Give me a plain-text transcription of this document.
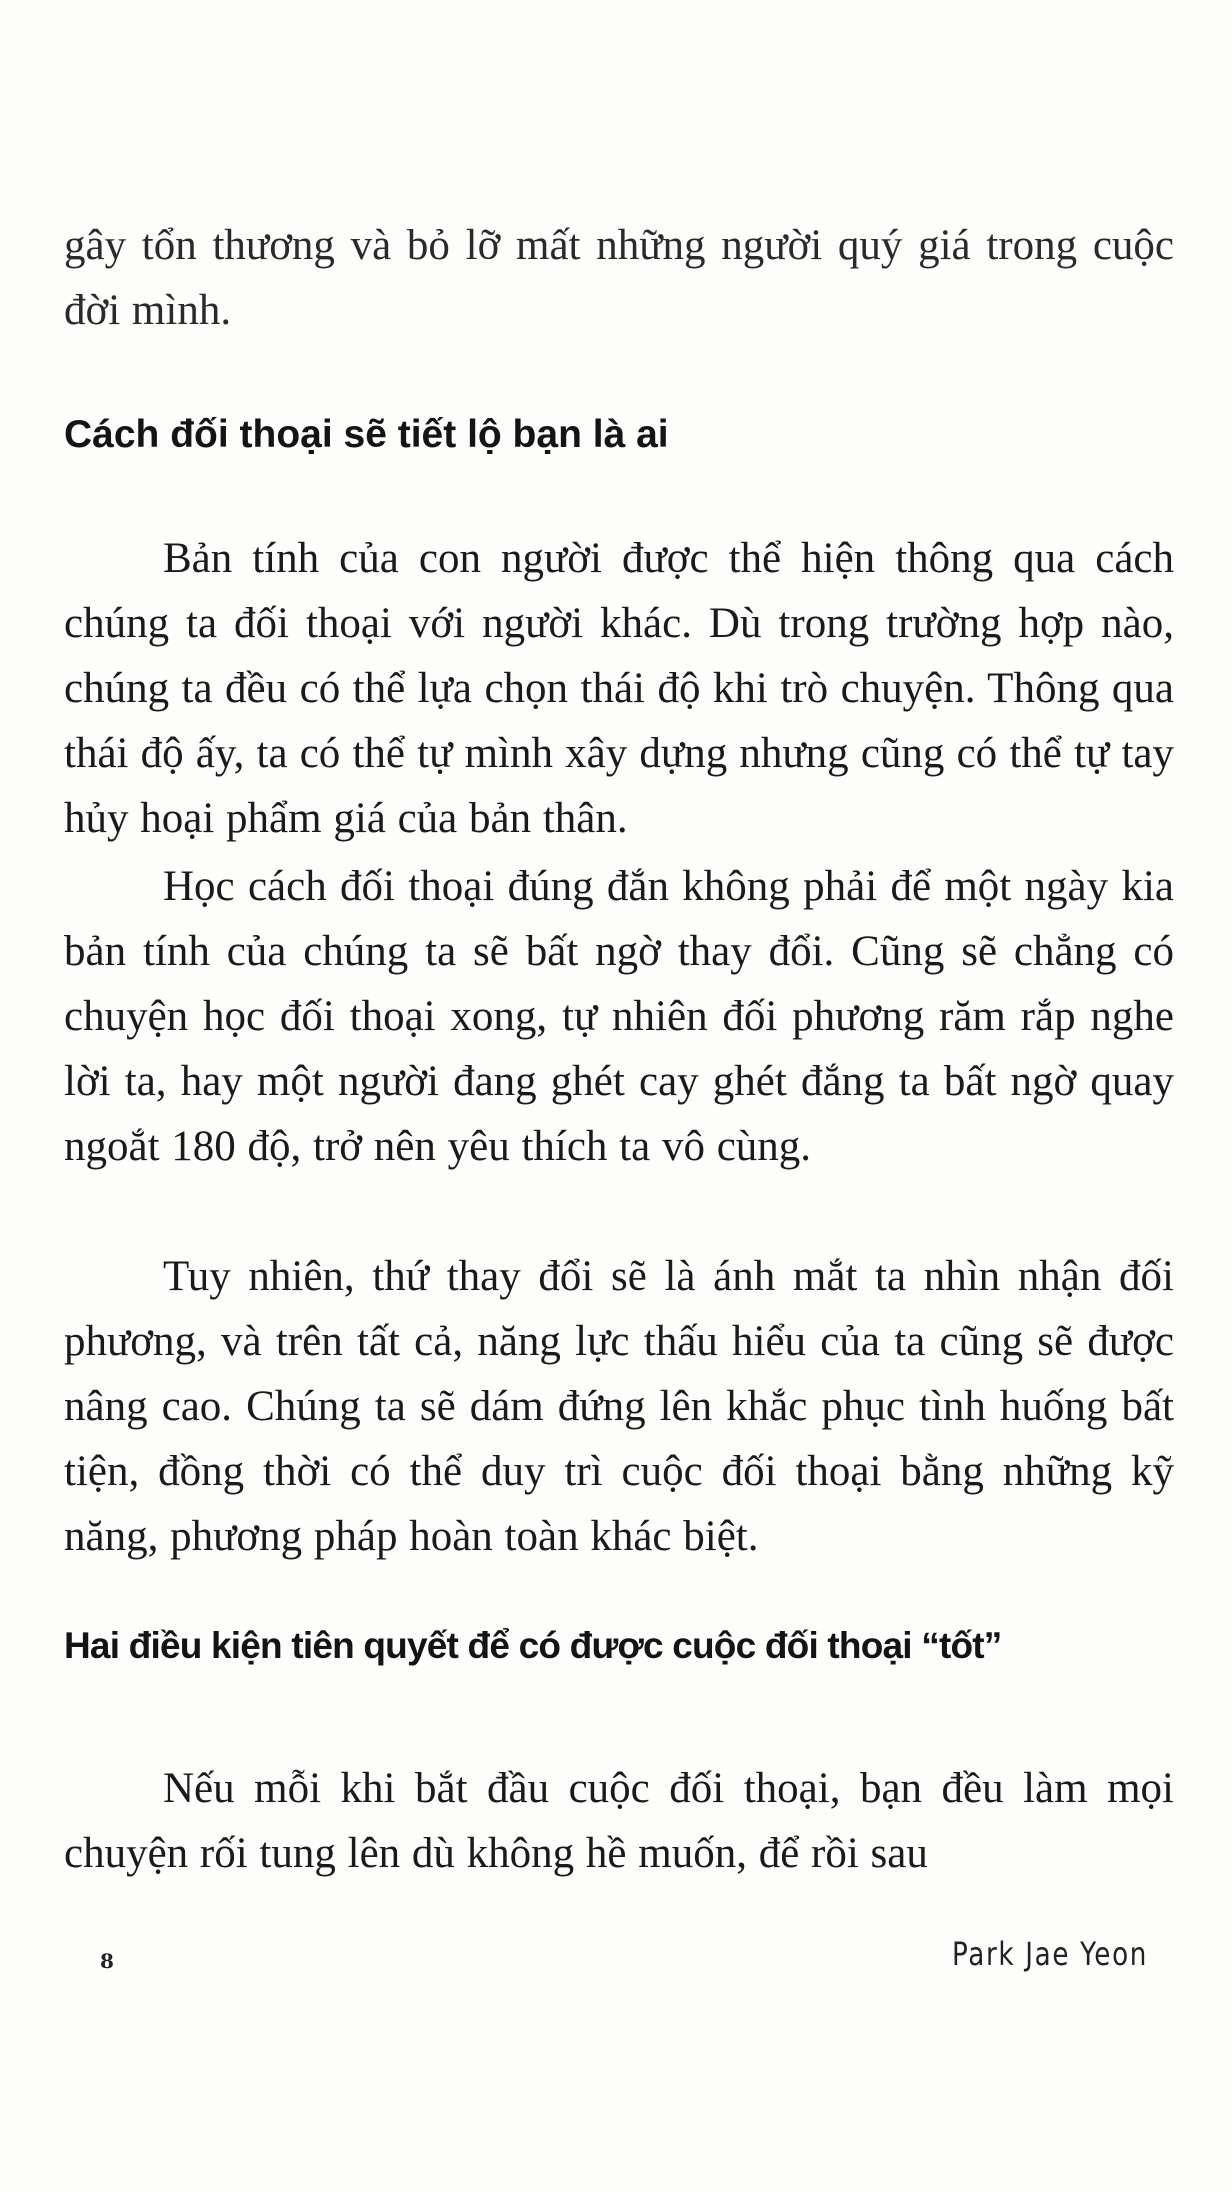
gây tổn thương và bỏ lỡ mất những người quý giá trong cuộc đời mình.

Cách đối thoại sẽ tiết lộ bạn là ai

Bản tính của con người được thể hiện thông qua cách chúng ta đối thoại với người khác. Dù trong trường hợp nào, chúng ta đều có thể lựa chọn thái độ khi trò chuyện. Thông qua thái độ ấy, ta có thể tự mình xây dựng nhưng cũng có thể tự tay hủy hoại phẩm giá của bản thân.

Học cách đối thoại đúng đắn không phải để một ngày kia bản tính của chúng ta sẽ bất ngờ thay đổi. Cũng sẽ chẳng có chuyện học đối thoại xong, tự nhiên đối phương răm rắp nghe lời ta, hay một người đang ghét cay ghét đắng ta bất ngờ quay ngoắt 180 độ, trở nên yêu thích ta vô cùng.

Tuy nhiên, thứ thay đổi sẽ là ánh mắt ta nhìn nhận đối phương, và trên tất cả, năng lực thấu hiểu của ta cũng sẽ được nâng cao. Chúng ta sẽ dám đứng lên khắc phục tình huống bất tiện, đồng thời có thể duy trì cuộc đối thoại bằng những kỹ năng, phương pháp hoàn toàn khác biệt.

Hai điều kiện tiên quyết để có được cuộc đối thoại “tốt”

Nếu mỗi khi bắt đầu cuộc đối thoại, bạn đều làm mọi chuyện rối tung lên dù không hề muốn, để rồi sau

8	Park Jae Yeon
